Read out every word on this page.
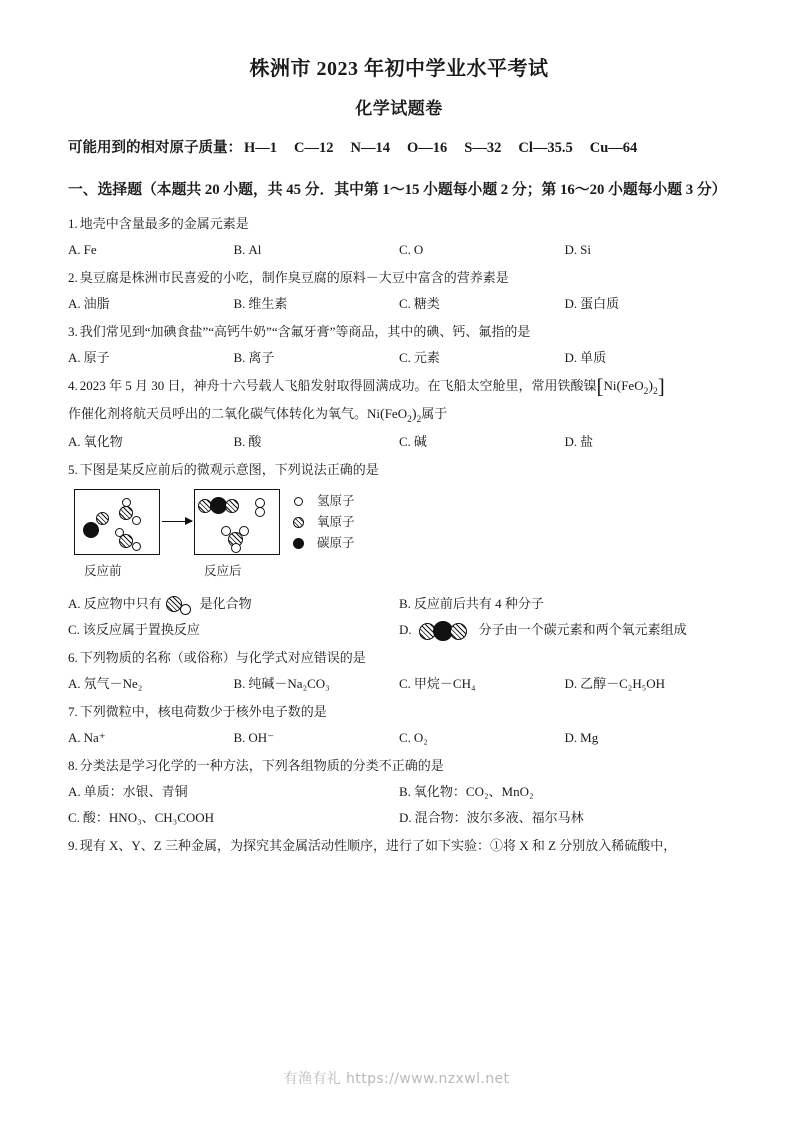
株洲市 2023 年初中学业水平考试
化学试题卷
可能用到的相对原子质量： H—1 C—12 N—14 O—16 S—32 Cl—35.5 Cu—64
一、选择题（本题共 20 小题，共 45 分．其中第 1～15 小题每小题 2 分；第 16～20 小题每小题 3 分）

1. 地壳中含量最多的金属元素是

A. Fe	B. Al	C. O	D. Si

2. 臭豆腐是株洲市民喜爱的小吃，制作臭豆腐的原料－大豆中富含的营养素是

A. 油脂	B. 维生素	C. 糖类	D. 蛋白质

3. 我们常见到“加碘食盐”“高钙牛奶”“含氟牙膏”等商品，其中的碘、钙、氟指的是

A. 原子	B. 离子	C. 元素	D. 单质

4. 2023 年 5 月 30 日，神舟十六号载人飞船发射取得圆满成功。在飞船太空舱里，常用铁酸镍$[Ni(FeO_2)_2]$

作催化剂将航天员呼出的二氧化碳气体转化为氧气。$Ni(FeO_2)_2$属于

A. 氧化物	B. 酸	C. 碱	D. 盐

5. 下图是某反应前后的微观示意图，下列说法正确的是

反应前	反应后
氢原子
氧原子
碳原子
A. 反应物中只有	是化合物	B. 反应前后共有 4 种分子
C. 该反应属于置换反应	D.	分子由一个碳元素和两个氧元素组成

6. 下列物质的名称（或俗称）与化学式对应错误的是

A. 氖气－Ne₂	B. 纯碱－Na₂CO₃	C. 甲烷－CH₄	D. 乙醇－C₂H₅OH

7. 下列微粒中，核电荷数少于核外电子数的是

A. Na⁺	B. OH⁻	C. O₂	D. Mg

8. 分类法是学习化学的一种方法，下列各组物质的分类不正确的是

A. 单质：水银、青铜	B. 氧化物：CO₂、MnO₂
C. 酸：HNO₃、CH₃COOH	D. 混合物：波尔多液、福尔马林

9. 现有 X、Y、Z 三种金属，为探究其金属活动性顺序，进行了如下实验：①将 X 和 Z 分别放入稀硫酸中，

有渔有礼 https://www.nzxwl.net
